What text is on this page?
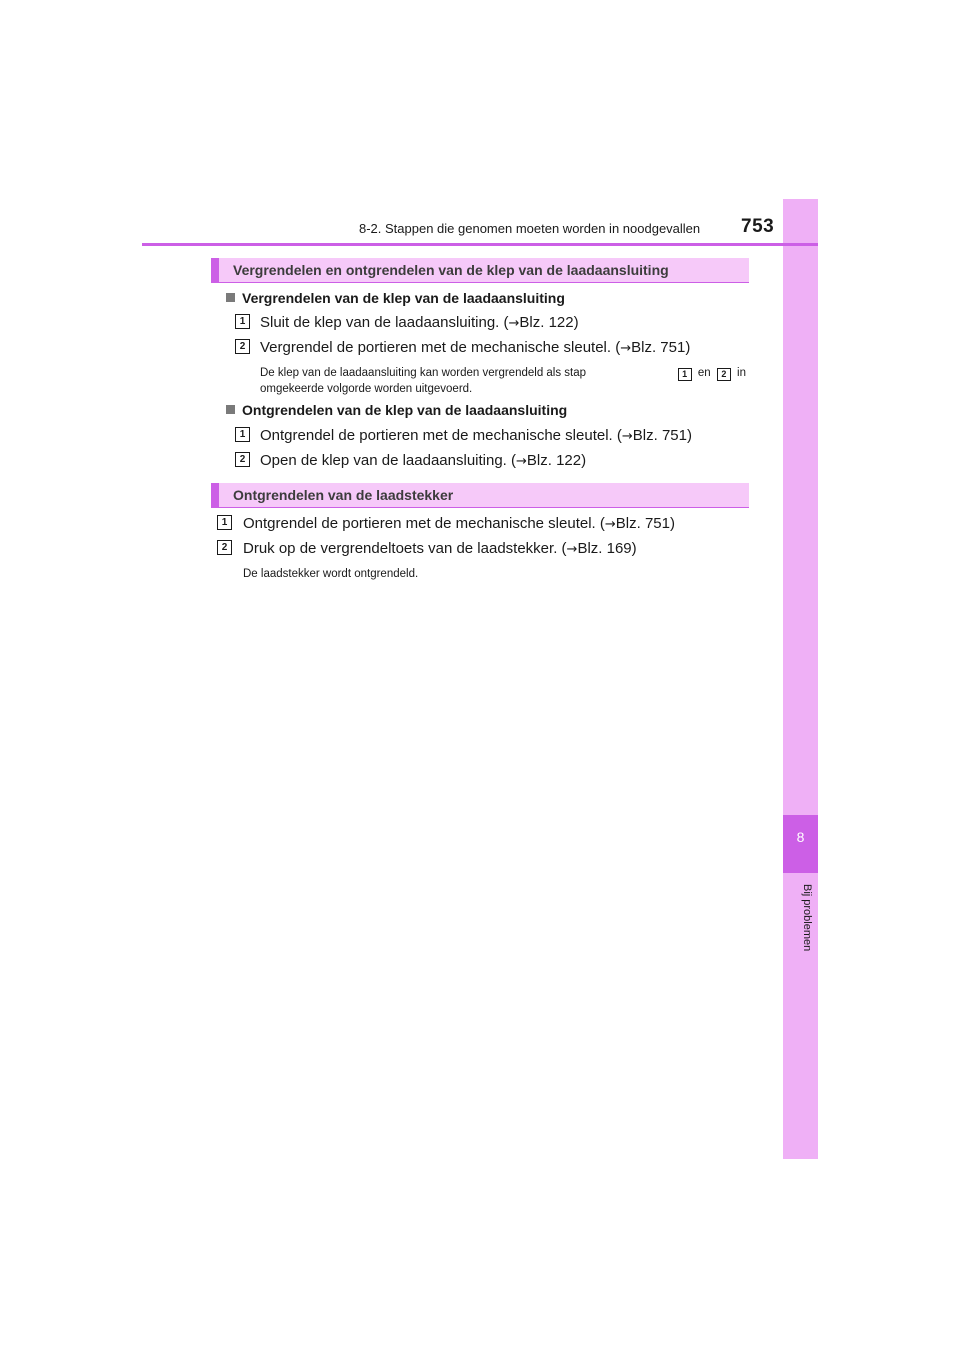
8
Bij problemen
8-2. Stappen die genomen moeten worden in noodgevallen 753
Vergrendelen en ontgrendelen van de klep van de laadaansluiting
Vergrendelen van de klep van de laadaansluiting
1 Sluit de klep van de laadaansluiting. (→Blz. 122)
2 Vergrendel de portieren met de mechanische sleutel. (→Blz. 751)
De klep van de laadaansluiting kan worden vergrendeld als stap	1 en 2 in
omgekeerde volgorde worden uitgevoerd.
Ontgrendelen van de klep van de laadaansluiting
1 Ontgrendel de portieren met de mechanische sleutel. (→Blz. 751)
2 Open de klep van de laadaansluiting. (→Blz. 122)
Ontgrendelen van de laadstekker
1	Ontgrendel de portieren met de mechanische sleutel. (→Blz. 751)
2	Druk op de vergrendeltoets van de laadstekker. (→Blz. 169)
De laadstekker wordt ontgrendeld.
